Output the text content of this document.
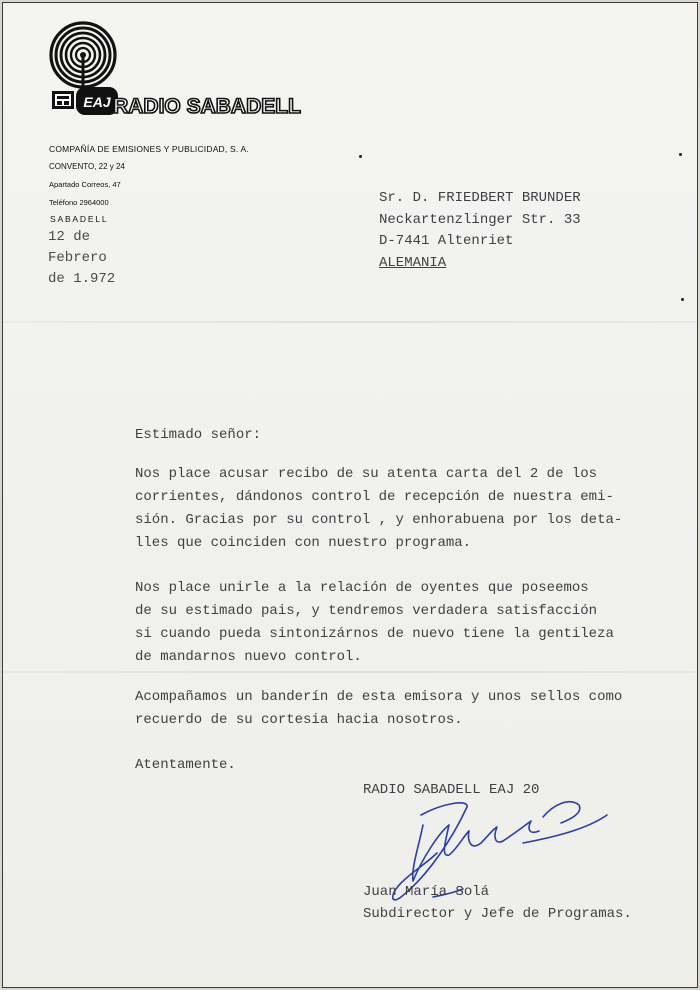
EAJ RADIO SABADELL
COMPAÑÍA DE EMISIONES Y PUBLICIDAD, S. A.
CONVENTO, 22 y 24
Apartado Correos, 47
Teléfono 2964000
SABADELL
12 de
Febrero
de 1.972
Sr. D. FRIEDBERT BRUNDER
Neckartenzlinger Str. 33
D-7441 Altenriet
ALEMANIA
Estimado señor:
Nos place acusar recibo de su atenta carta del 2 de los
corrientes, dándonos control de recepción de nuestra emi-
sión. Gracias por su control , y enhorabuena por los deta-
lles que coinciden con nuestro programa.
Nos place unirle a la relación de oyentes que poseemos
de su estimado pais, y tendremos verdadera satisfacción
si cuando pueda sintonizárnos de nuevo tiene la gentileza
de mandarnos nuevo control.
Acompañamos un banderín de esta emisora y unos sellos como
recuerdo de su cortesia hacia nosotros.
Atentamente.
RADIO SABADELL EAJ 20
Juan María Solá
Subdirector y Jefe de Programas.
